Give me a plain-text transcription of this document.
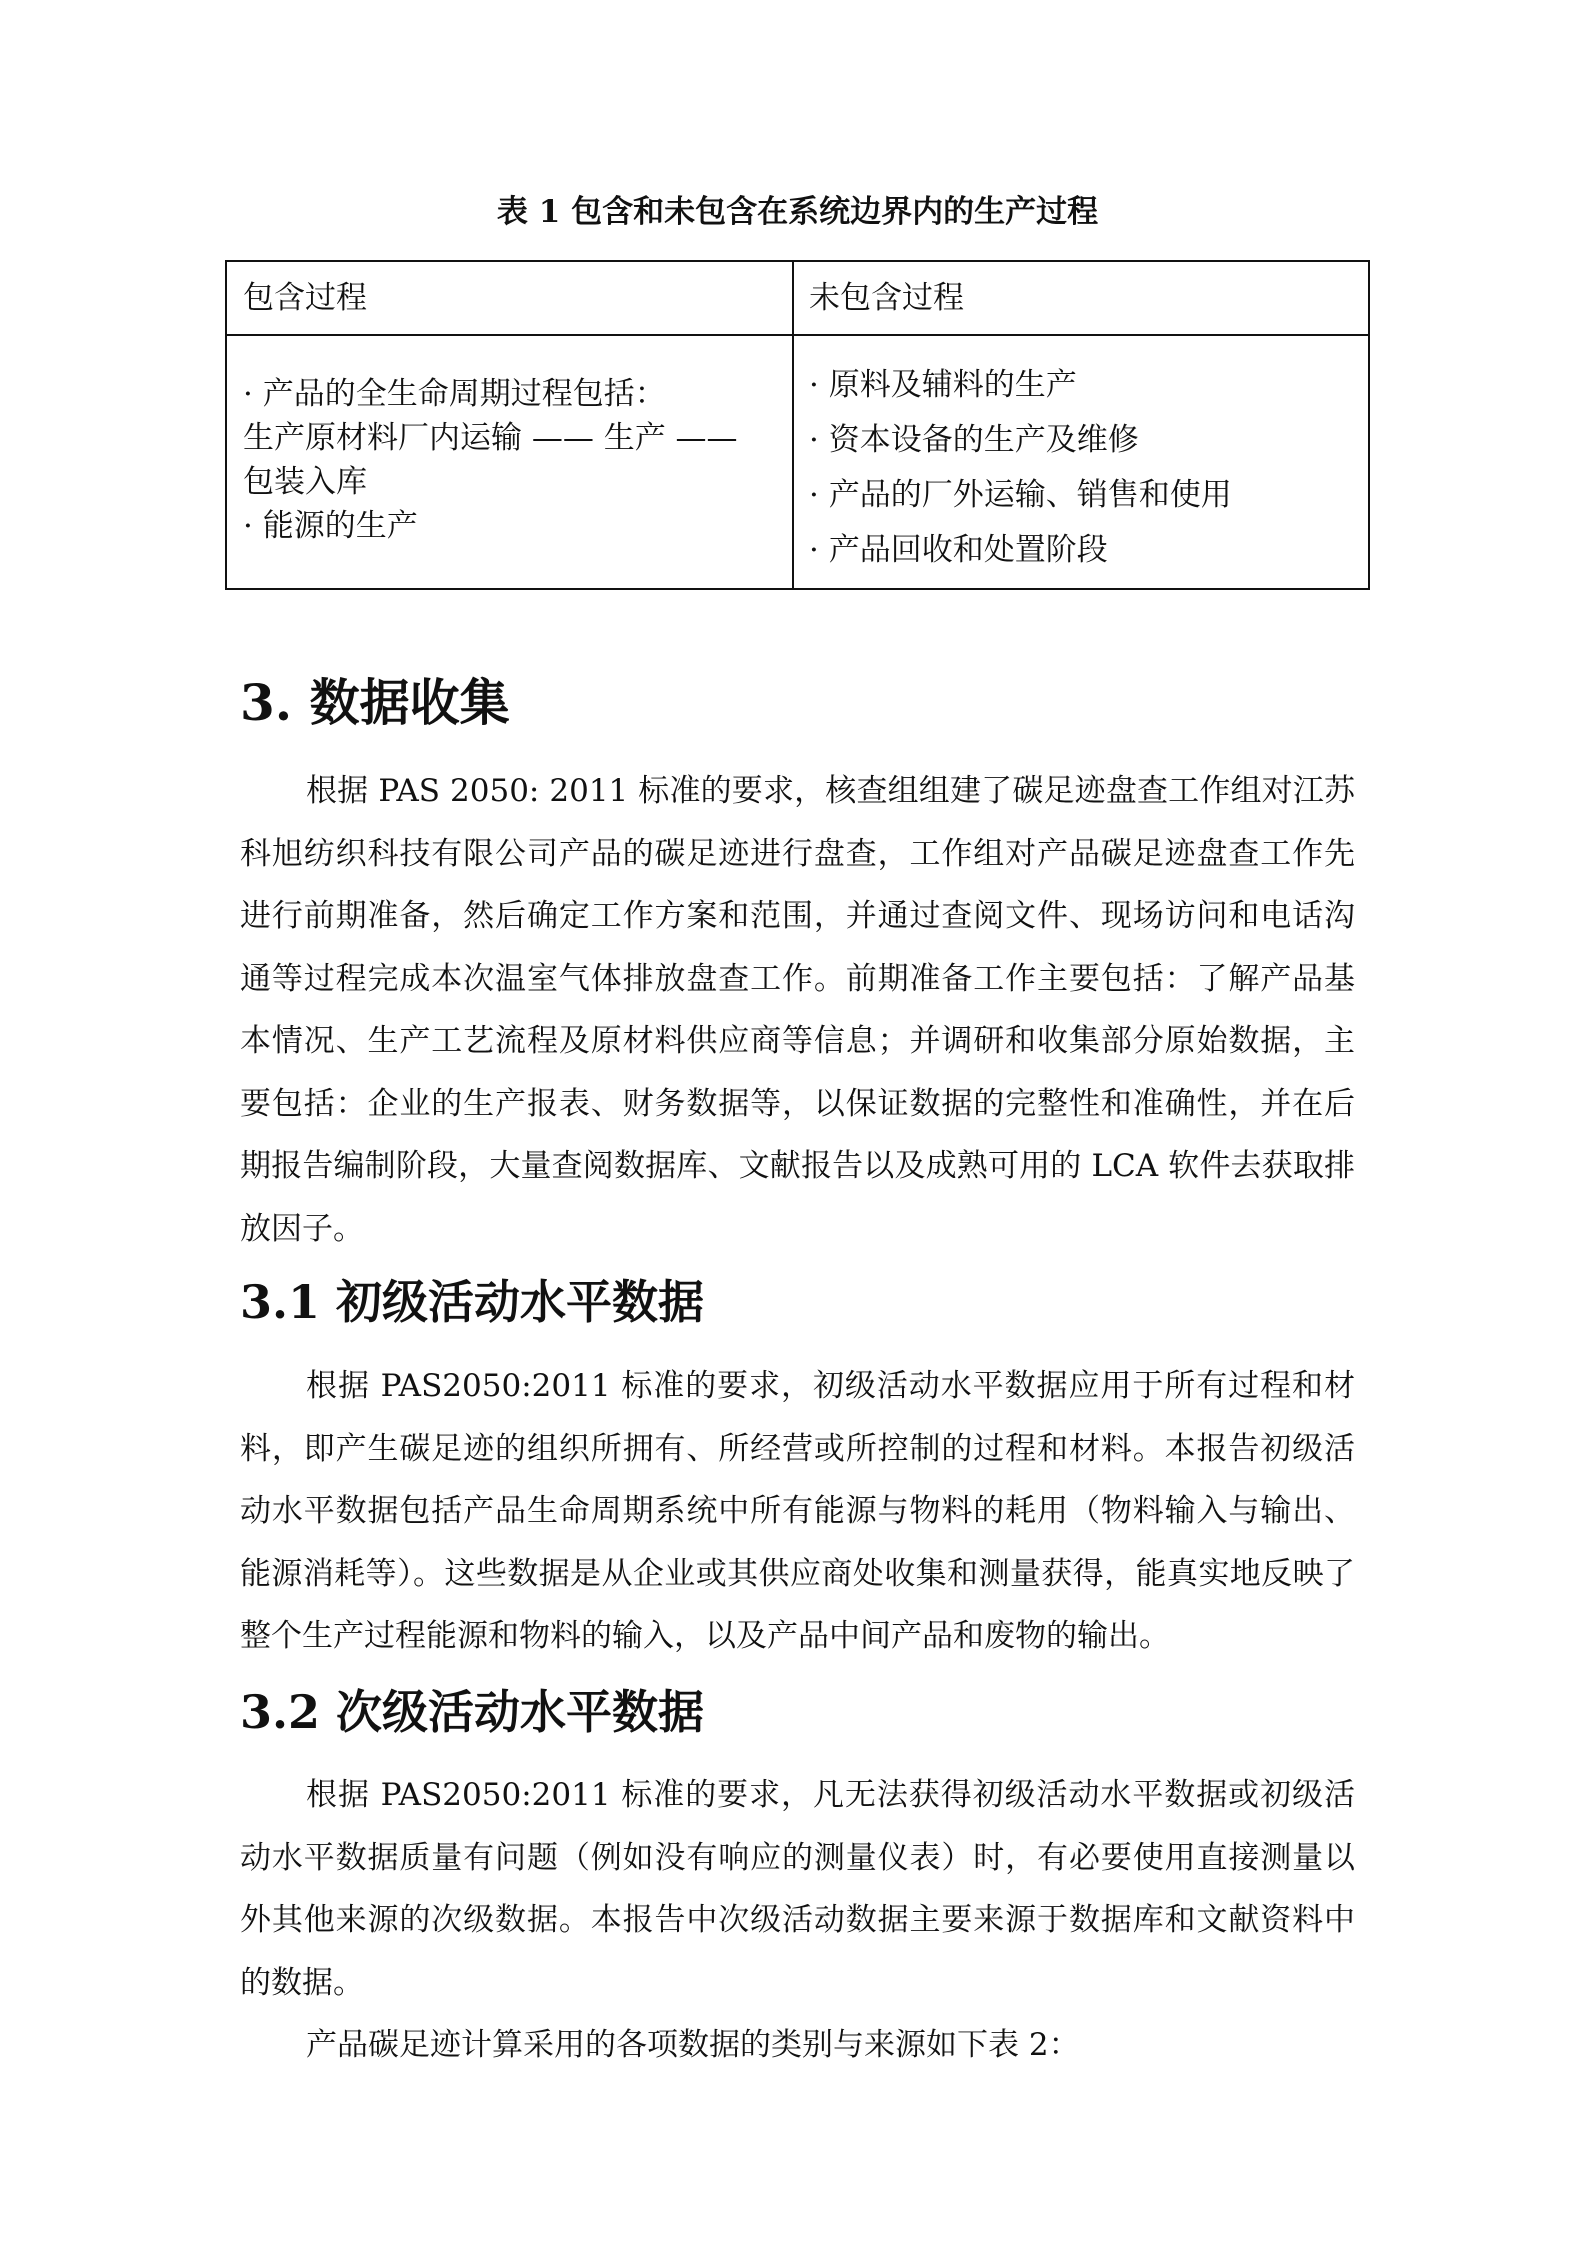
表 1 包含和未包含在系统边界内的生产过程
包含过程	未包含过程
· 产品的全生命周期过程包括：
生产原材料厂内运输 —— 生产 ——
包装入库
· 能源的生产
· 原料及辅料的生产
· 资本设备的生产及维修
· 产品的厂外运输、销售和使用
· 产品回收和处置阶段
3. 数据收集

根据 PAS 2050: 2011 标准的要求，核查组组建了碳足迹盘查工作组对江苏科旭纺织科技有限公司产品的碳足迹进行盘查，工作组对产品碳足迹盘查工作先进行前期准备，然后确定工作方案和范围，并通过查阅文件、现场访问和电话沟通等过程完成本次温室气体排放盘查工作。前期准备工作主要包括：了解产品基本情况、生产工艺流程及原材料供应商等信息；并调研和收集部分原始数据，主要包括：企业的生产报表、财务数据等，以保证数据的完整性和准确性，并在后期报告编制阶段，大量查阅数据库、文献报告以及成熟可用的 LCA 软件去获取排放因子。

3.1 初级活动水平数据

根据 PAS2050:2011 标准的要求，初级活动水平数据应用于所有过程和材料，即产生碳足迹的组织所拥有、所经营或所控制的过程和材料。本报告初级活动水平数据包括产品生命周期系统中所有能源与物料的耗用（物料输入与输出、能源消耗等）。这些数据是从企业或其供应商处收集和测量获得，能真实地反映了整个生产过程能源和物料的输入，以及产品中间产品和废物的输出。

3.2 次级活动水平数据

根据 PAS2050:2011 标准的要求，凡无法获得初级活动水平数据或初级活动水平数据质量有问题（例如没有响应的测量仪表）时，有必要使用直接测量以外其他来源的次级数据。本报告中次级活动数据主要来源于数据库和文献资料中的数据。

产品碳足迹计算采用的各项数据的类别与来源如下表 2：
